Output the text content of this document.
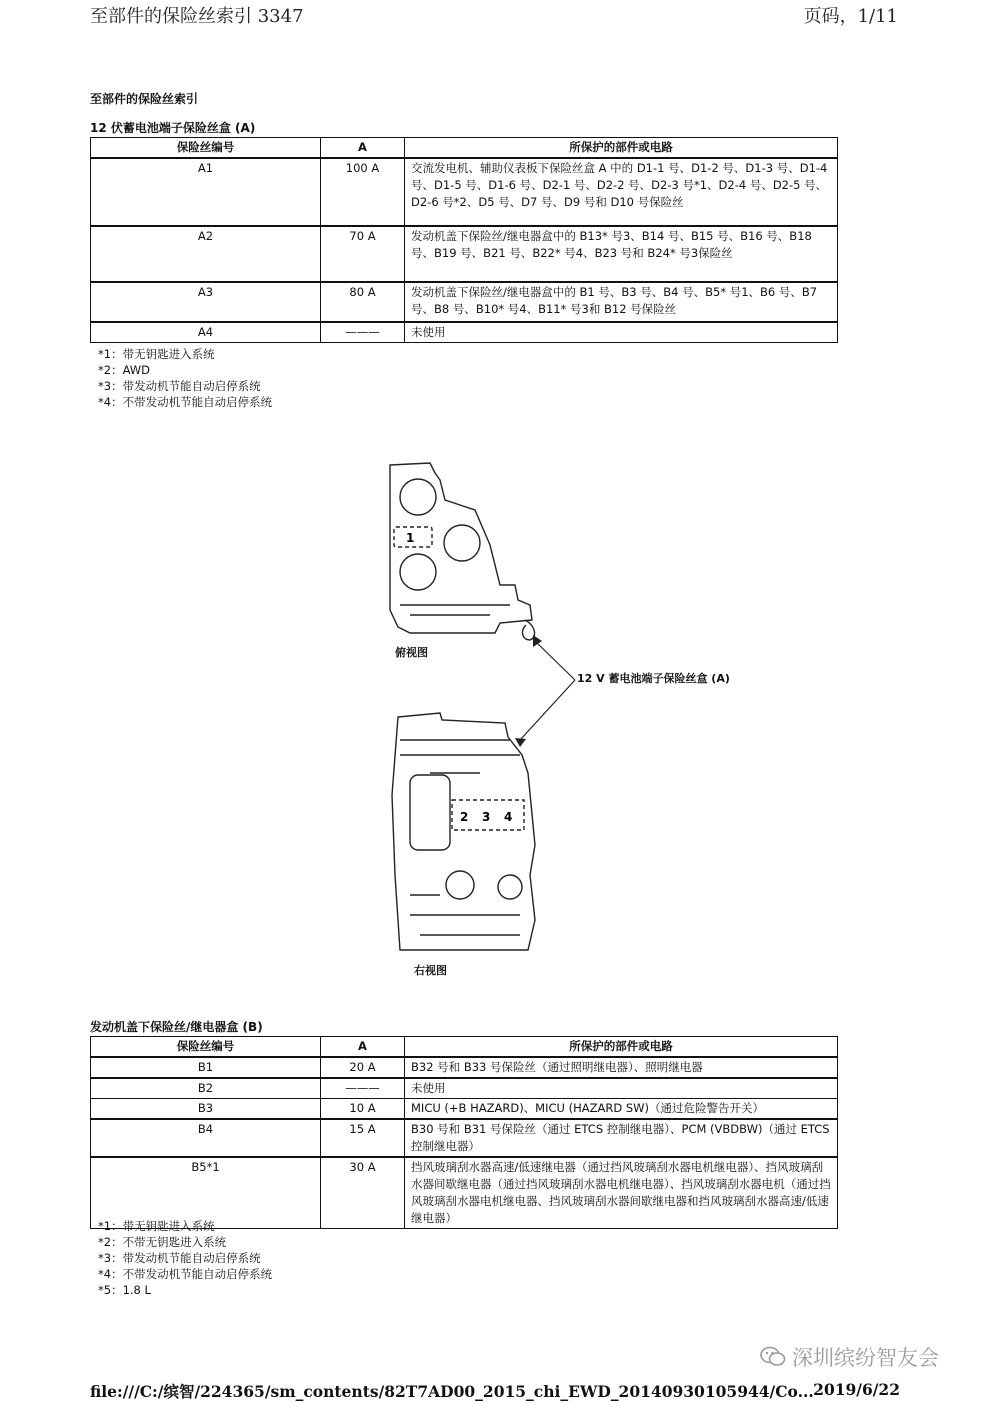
至部件的保险丝索引 3347	页码，1/11
至部件的保险丝索引
12 伏蓄电池端子保险丝盒 (A)
保险丝编号	A	所保护的部件或电路
A1	100 A	交流发电机、辅助仪表板下保险丝盒 A 中的 D1-1 号、D1-2 号、D1-3 号、D1-4 号、D1-5 号、D1-6 号、D2-1 号、D2-2 号、D2-3 号*1、D2-4 号、D2-5 号、D2-6 号*2、D5 号、D7 号、D9 号和 D10 号保险丝
A2	70 A	发动机盖下保险丝/继电器盒中的 B13* 号3、B14 号、B15 号、B16 号、B18 号、B19 号、B21 号、B22* 号4、B23 号和 B24* 号3保险丝
A3	80 A	发动机盖下保险丝/继电器盒中的 B1 号、B3 号、B4 号、B5* 号1、B6 号、B7 号、B8 号、B10* 号4、B11* 号3和 B12 号保险丝
A4	———	未使用
*1：带无钥匙进入系统
*2：AWD
*3：带发动机节能自动启停系统
*4：不带发动机节能自动启停系统
1
2 3 4
俯视图
12 V 蓄电池端子保险丝盒 (A)
右视图
发动机盖下保险丝/继电器盒 (B)
保险丝编号	A	所保护的部件或电路
B1	20 A	B32 号和 B33 号保险丝（通过照明继电器）、照明继电器
B2	———	未使用
B3	10 A	MICU (+B HAZARD)、MICU (HAZARD SW)（通过危险警告开关）
B4	15 A	B30 号和 B31 号保险丝（通过 ETCS 控制继电器）、PCM (VBDBW)（通过 ETCS 控制继电器）
B5*1	30 A	挡风玻璃刮水器高速/低速继电器（通过挡风玻璃刮水器电机继电器）、挡风玻璃刮水器间歇继电器（通过挡风玻璃刮水器电机继电器）、挡风玻璃刮水器电机（通过挡风玻璃刮水器电机继电器、挡风玻璃刮水器间歇继电器和挡风玻璃刮水器高速/低速继电器）
*1：带无钥匙进入系统
*2：不带无钥匙进入系统
*3：带发动机节能自动启停系统
*4：不带发动机节能自动启停系统
*5：1.8 L
深圳缤纷智友会
file:///C:/缤智/224365/sm_contents/82T7AD00_2015_chi_EWD_20140930105944/Co... 2019/6/22
